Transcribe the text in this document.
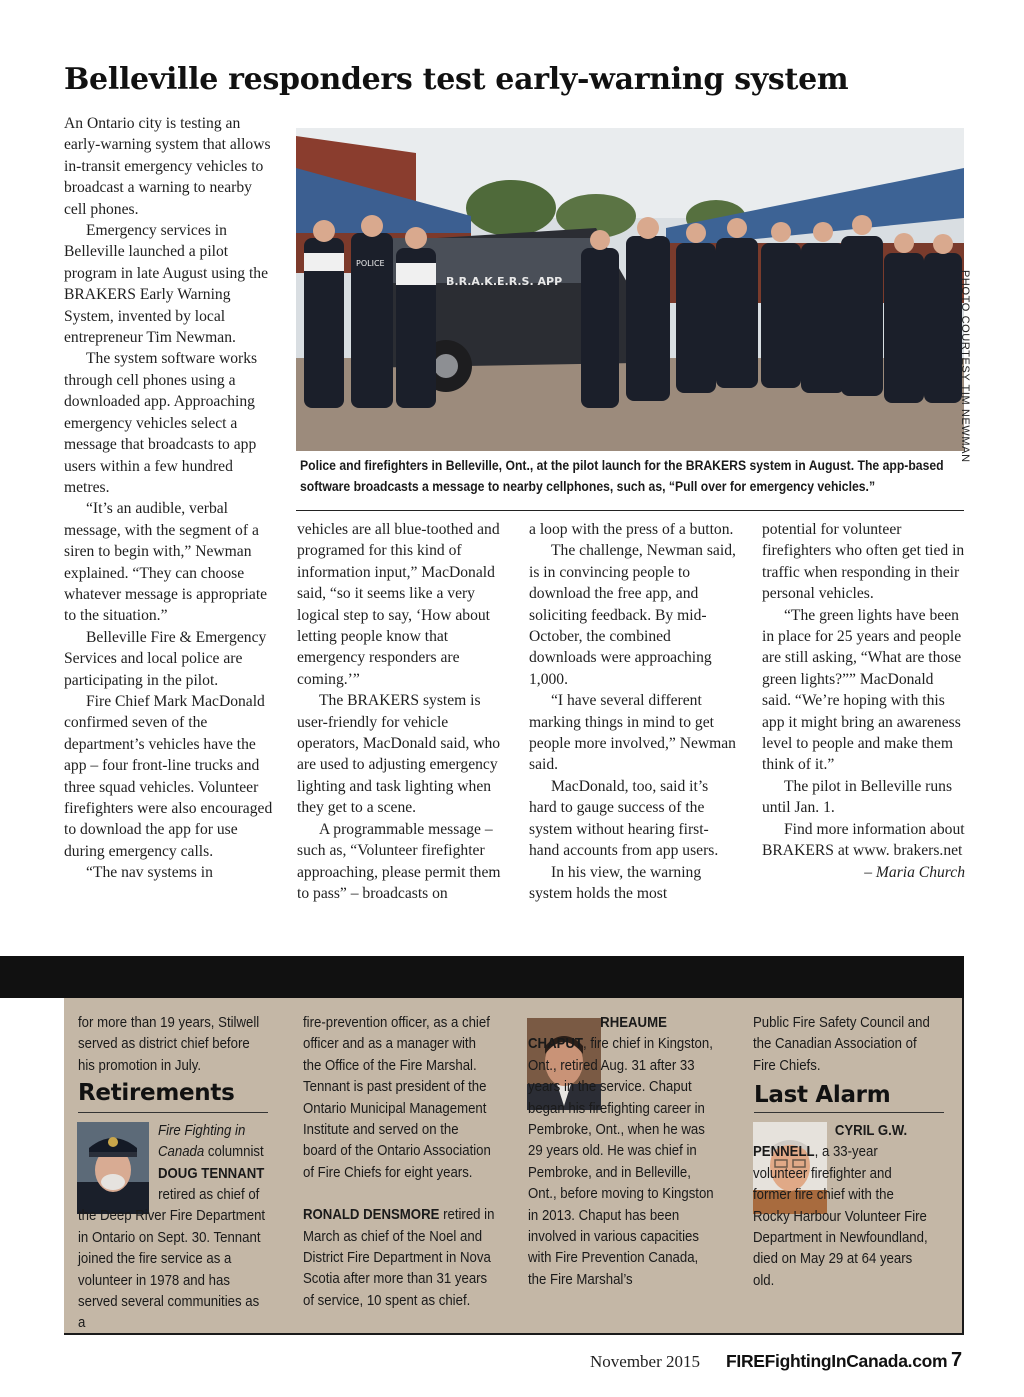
Belleville responders test early-warning system

An Ontario city is testing an early-warning system that allows in-transit emergency vehicles to broadcast a warning to nearby cell phones.

Emergency services in Belleville launched a pilot program in late August using the BRAKERS Early Warning System, invented by local entrepreneur Tim Newman.

The system software works through cell phones using a downloaded app. Approaching emergency vehicles select a message that broadcasts to app users within a few hundred metres.

“It’s an audible, verbal message, with the segment of a siren to begin with,” Newman explained. “They can choose whatever message is appropriate to the situation.”

Belleville Fire & Emergency Services and local police are participating in the pilot.

Fire Chief Mark MacDonald confirmed seven of the department’s vehicles have the app – four front-line trucks and three squad vehicles. Volunteer firefighters were also encouraged to download the app for use during emergency calls.

“The nav systems in

B.R.A.K.E.R.S. APP
POLICE
PHOTO COURTESY TIM NEWMAN
Police and firefighters in Belleville, Ont., at the pilot launch for the BRAKERS system in August. The app-based software broadcasts a message to nearby cellphones, such as, “Pull over for emergency vehicles.”

vehicles are all blue-toothed and programed for this kind of information input,” MacDonald said, “so it seems like a very logical step to say, ‘How about letting people know that emergency responders are coming.’”

The BRAKERS system is user-friendly for vehicle operators, MacDonald said, who are used to adjusting emergency lighting and task lighting when they get to a scene.

A programmable message – such as, “Volunteer firefighter approaching, please permit them to pass” – broadcasts on

a loop with the press of a button.

The challenge, Newman said, is in convincing people to download the free app, and soliciting feedback. By mid-October, the combined downloads were approaching 1,000.

“I have several different marking things in mind to get people more involved,” Newman said.

MacDonald, too, said it’s hard to gauge success of the system without hearing first-hand accounts from app users.

In his view, the warning system holds the most

potential for volunteer firefighters who often get tied in traffic when responding in their personal vehicles.

“The green lights have been in place for 25 years and people are still asking, “What are those green lights?”” MacDonald said. “We’re hoping with this app it might bring an awareness level to people and make them think of it.”

The pilot in Belleville runs until Jan. 1.

Find more information about BRAKERS at www. brakers.net

– Maria Church

for more than 19 years, Stilwell served as district chief before his promotion in July.

Retirements

Fire Fighting in Canada columnist DOUG TENNANT

retired as chief of the Deep River Fire Department in Ontario on Sept. 30. Tennant joined the fire service as a volunteer in 1978 and has served several communities as a

fire-prevention officer, as a chief officer and as a manager with the Office of the Fire Marshal. Tennant is past president of the Ontario Municipal Management Institute and served on the board of the Ontario Association of Fire Chiefs for eight years.

RONALD DENSMORE retired in March as chief of the Noel and District Fire Department in Nova Scotia after more than 31 years of service, 10 spent as chief.

RHEAUME CHAPUT, fire chief in Kingston, Ont., retired Aug. 31 after 33 years in the service. Chaput began his firefighting career in Pembroke, Ont., when he was 29 years old. He was chief in Pembroke, and in Belleville, Ont., before moving to Kingston in 2013. Chaput has been involved in various capacities with Fire Prevention Canada, the Fire Marshal’s

Public Fire Safety Council and the Canadian Association of Fire Chiefs.

Last Alarm

CYRIL G.W. PENNELL, a 33-year volunteer firefighter and former fire chief with the Rocky Harbour Volunteer Fire Department in Newfoundland, died on May 29 at 64 years old.

November 2015 FIREFightingInCanada.com 7
